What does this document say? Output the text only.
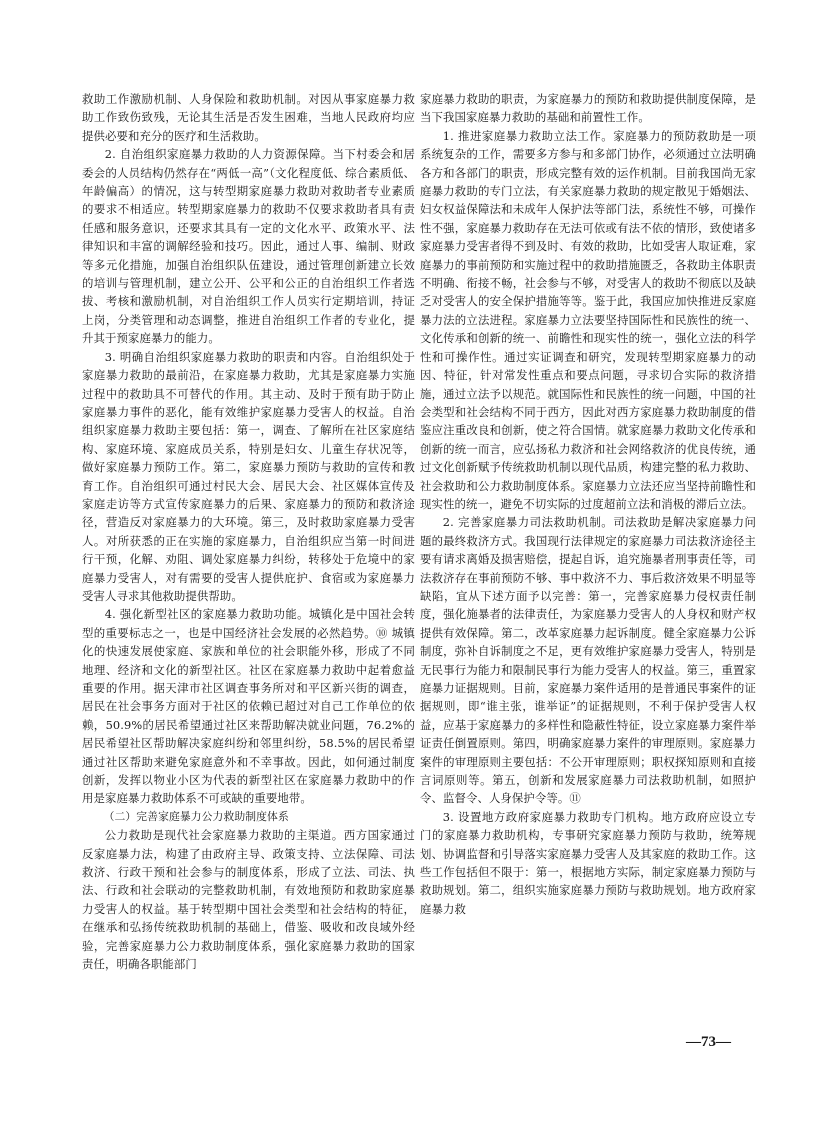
救助工作激励机制、人身保险和救助机制。对因从事家庭暴力救助工作致伤致残，无论其生活是否发生困难，当地人民政府均应提供必要和充分的医疗和生活救助。

2. 自治组织家庭暴力救助的人力资源保障。当下村委会和居委会的人员结构仍然存在“两低一高”（文化程度低、综合素质低、年龄偏高）的情况，这与转型期家庭暴力救助对救助者专业素质的要求不相适应。转型期家庭暴力的救助不仅要求救助者具有责任感和服务意识，还要求其具有一定的文化水平、政策水平、法律知识和丰富的调解经验和技巧。因此，通过人事、编制、财政等多元化措施，加强自治组织队伍建设，通过管理创新建立长效的培训与管理机制，建立公开、公平和公正的自治组织工作者选拔、考核和激励机制，对自治组织工作人员实行定期培训，持证上岗，分类管理和动态调整，推进自治组织工作者的专业化，提升其于预家庭暴力的能力。

3. 明确自治组织家庭暴力救助的职责和内容。自治组织处于家庭暴力救助的最前沿，在家庭暴力救助，尤其是家庭暴力实施过程中的救助具不可替代的作用。其主动、及时于预有助于防止家庭暴力事件的恶化，能有效维护家庭暴力受害人的权益。自治组织家庭暴力救助主要包括：第一，调查、了解所在社区家庭结构、家庭环境、家庭成员关系，特别是妇女、儿童生存状况等，做好家庭暴力预防工作。第二，家庭暴力预防与救助的宣传和教育工作。自治组织可通过村民大会、居民大会、社区媒体宣传及家庭走访等方式宣传家庭暴力的后果、家庭暴力的预防和救济途径，营造反对家庭暴力的大环境。第三，及时救助家庭暴力受害人。对所获悉的正在实施的家庭暴力，自治组织应当第一时间进行干预，化解、劝阻、调处家庭暴力纠纷，转移处于危境中的家庭暴力受害人，对有需要的受害人提供庇护、食宿或为家庭暴力受害人寻求其他救助提供帮助。

4. 强化新型社区的家庭暴力救助功能。城镇化是中国社会转型的重要标志之一，也是中国经济社会发展的必然趋势。⑩ 城镇化的快速发展使家庭、家族和单位的社会职能外移，形成了不同地理、经济和文化的新型社区。社区在家庭暴力救助中起着愈益重要的作用。据天津市社区调查事务所对和平区新兴街的调查，居民在社会事务方面对于社区的依赖已超过对自己工作单位的依赖，50.9%的居民希望通过社区来帮助解决就业问题，76.2%的居民希望社区帮助解决家庭纠纷和邻里纠纷，58.5%的居民希望通过社区帮助来避免家庭意外和不幸事故。因此，如何通过制度创新，发挥以物业小区为代表的新型社区在家庭暴力救助中的作用是家庭暴力救助体系不可或缺的重要地带。

（二）完善家庭暴力公力救助制度体系

公力救助是现代社会家庭暴力救助的主渠道。西方国家通过反家庭暴力法，构建了由政府主导、政策支持、立法保障、司法救济、行政干预和社会参与的制度体系，形成了立法、司法、执法、行政和社会联动的完整救助机制，有效地预防和救助家庭暴力受害人的权益。基于转型期中国社会类型和社会结构的特征，在继承和弘扬传统救助机制的基础上，借鉴、吸收和改良域外经验，完善家庭暴力公力救助制度体系，强化家庭暴力救助的国家责任，明确各职能部门

家庭暴力救助的职责，为家庭暴力的预防和救助提供制度保障，是当下我国家庭暴力救助的基础和前置性工作。

1. 推进家庭暴力救助立法工作。家庭暴力的预防救助是一项系统复杂的工作，需要多方参与和多部门协作，必须通过立法明确各方和各部门的职责，形成完整有效的运作机制。目前我国尚无家庭暴力救助的专门立法，有关家庭暴力救助的规定散见于婚姻法、妇女权益保障法和未成年人保护法等部门法，系统性不够，可操作性不强，家庭暴力救助存在无法可依或有法不依的情形，致使诸多家庭暴力受害者得不到及时、有效的救助，比如受害人取证难，家庭暴力的事前预防和实施过程中的救助措施匮乏，各救助主体职责不明确、衔接不畅，社会参与不够，对受害人的救助不彻底以及缺乏对受害人的安全保护措施等等。鉴于此，我国应加快推进反家庭暴力法的立法进程。家庭暴力立法要坚持国际性和民族性的统一、文化传承和创新的统一、前瞻性和现实性的统一，强化立法的科学性和可操作性。通过实证调查和研究，发现转型期家庭暴力的动因、特征，针对常发性重点和要点问题，寻求切合实际的救济措施，通过立法予以规范。就国际性和民族性的统一问题，中国的社会类型和社会结构不同于西方，因此对西方家庭暴力救助制度的借鉴应注重改良和创新，使之符合国情。就家庭暴力救助文化传承和创新的统一而言，应弘扬私力救济和社会网络救济的优良传统，通过文化创新赋予传统救助机制以现代品质，构建完整的私力救助、社会救助和公力救助制度体系。家庭暴力立法还应当坚持前瞻性和现实性的统一，避免不切实际的过度超前立法和消极的滞后立法。

2. 完善家庭暴力司法救助机制。司法救助是解决家庭暴力问题的最终救济方式。我国现行法律规定的家庭暴力司法救济途径主要有请求离婚及损害赔偿，提起自诉，追究施暴者刑事责任等，司法救济存在事前预防不够、事中救济不力、事后救济效果不明显等缺陷，宜从下述方面予以完善：第一，完善家庭暴力侵权责任制度，强化施暴者的法律责任，为家庭暴力受害人的人身权和财产权提供有效保障。第二，改革家庭暴力起诉制度。健全家庭暴力公诉制度，弥补自诉制度之不足，更有效维护家庭暴力受害人，特别是无民事行为能力和限制民事行为能力受害人的权益。第三，重置家庭暴力证据规则。目前，家庭暴力案件适用的是普通民事案件的证据规则，即“谁主张，谁举证”的证据规则，不利于保护受害人权益，应基于家庭暴力的多样性和隐蔽性特征，设立家庭暴力案件举证责任倒置原则。第四，明确家庭暴力案件的审理原则。家庭暴力案件的审理原则主要包括：不公开审理原则；职权探知原则和直接言词原则等。第五，创新和发展家庭暴力司法救助机制，如照护令、监督令、人身保护令等。⑪

3. 设置地方政府家庭暴力救助专门机构。地方政府应设立专门的家庭暴力救助机构，专事研究家庭暴力预防与救助，统筹规划、协调监督和引导落实家庭暴力受害人及其家庭的救助工作。这些工作包括但不限于：第一，根据地方实际，制定家庭暴力预防与救助规划。第二，组织实施家庭暴力预防与救助规划。地方政府家庭暴力救

—73—
